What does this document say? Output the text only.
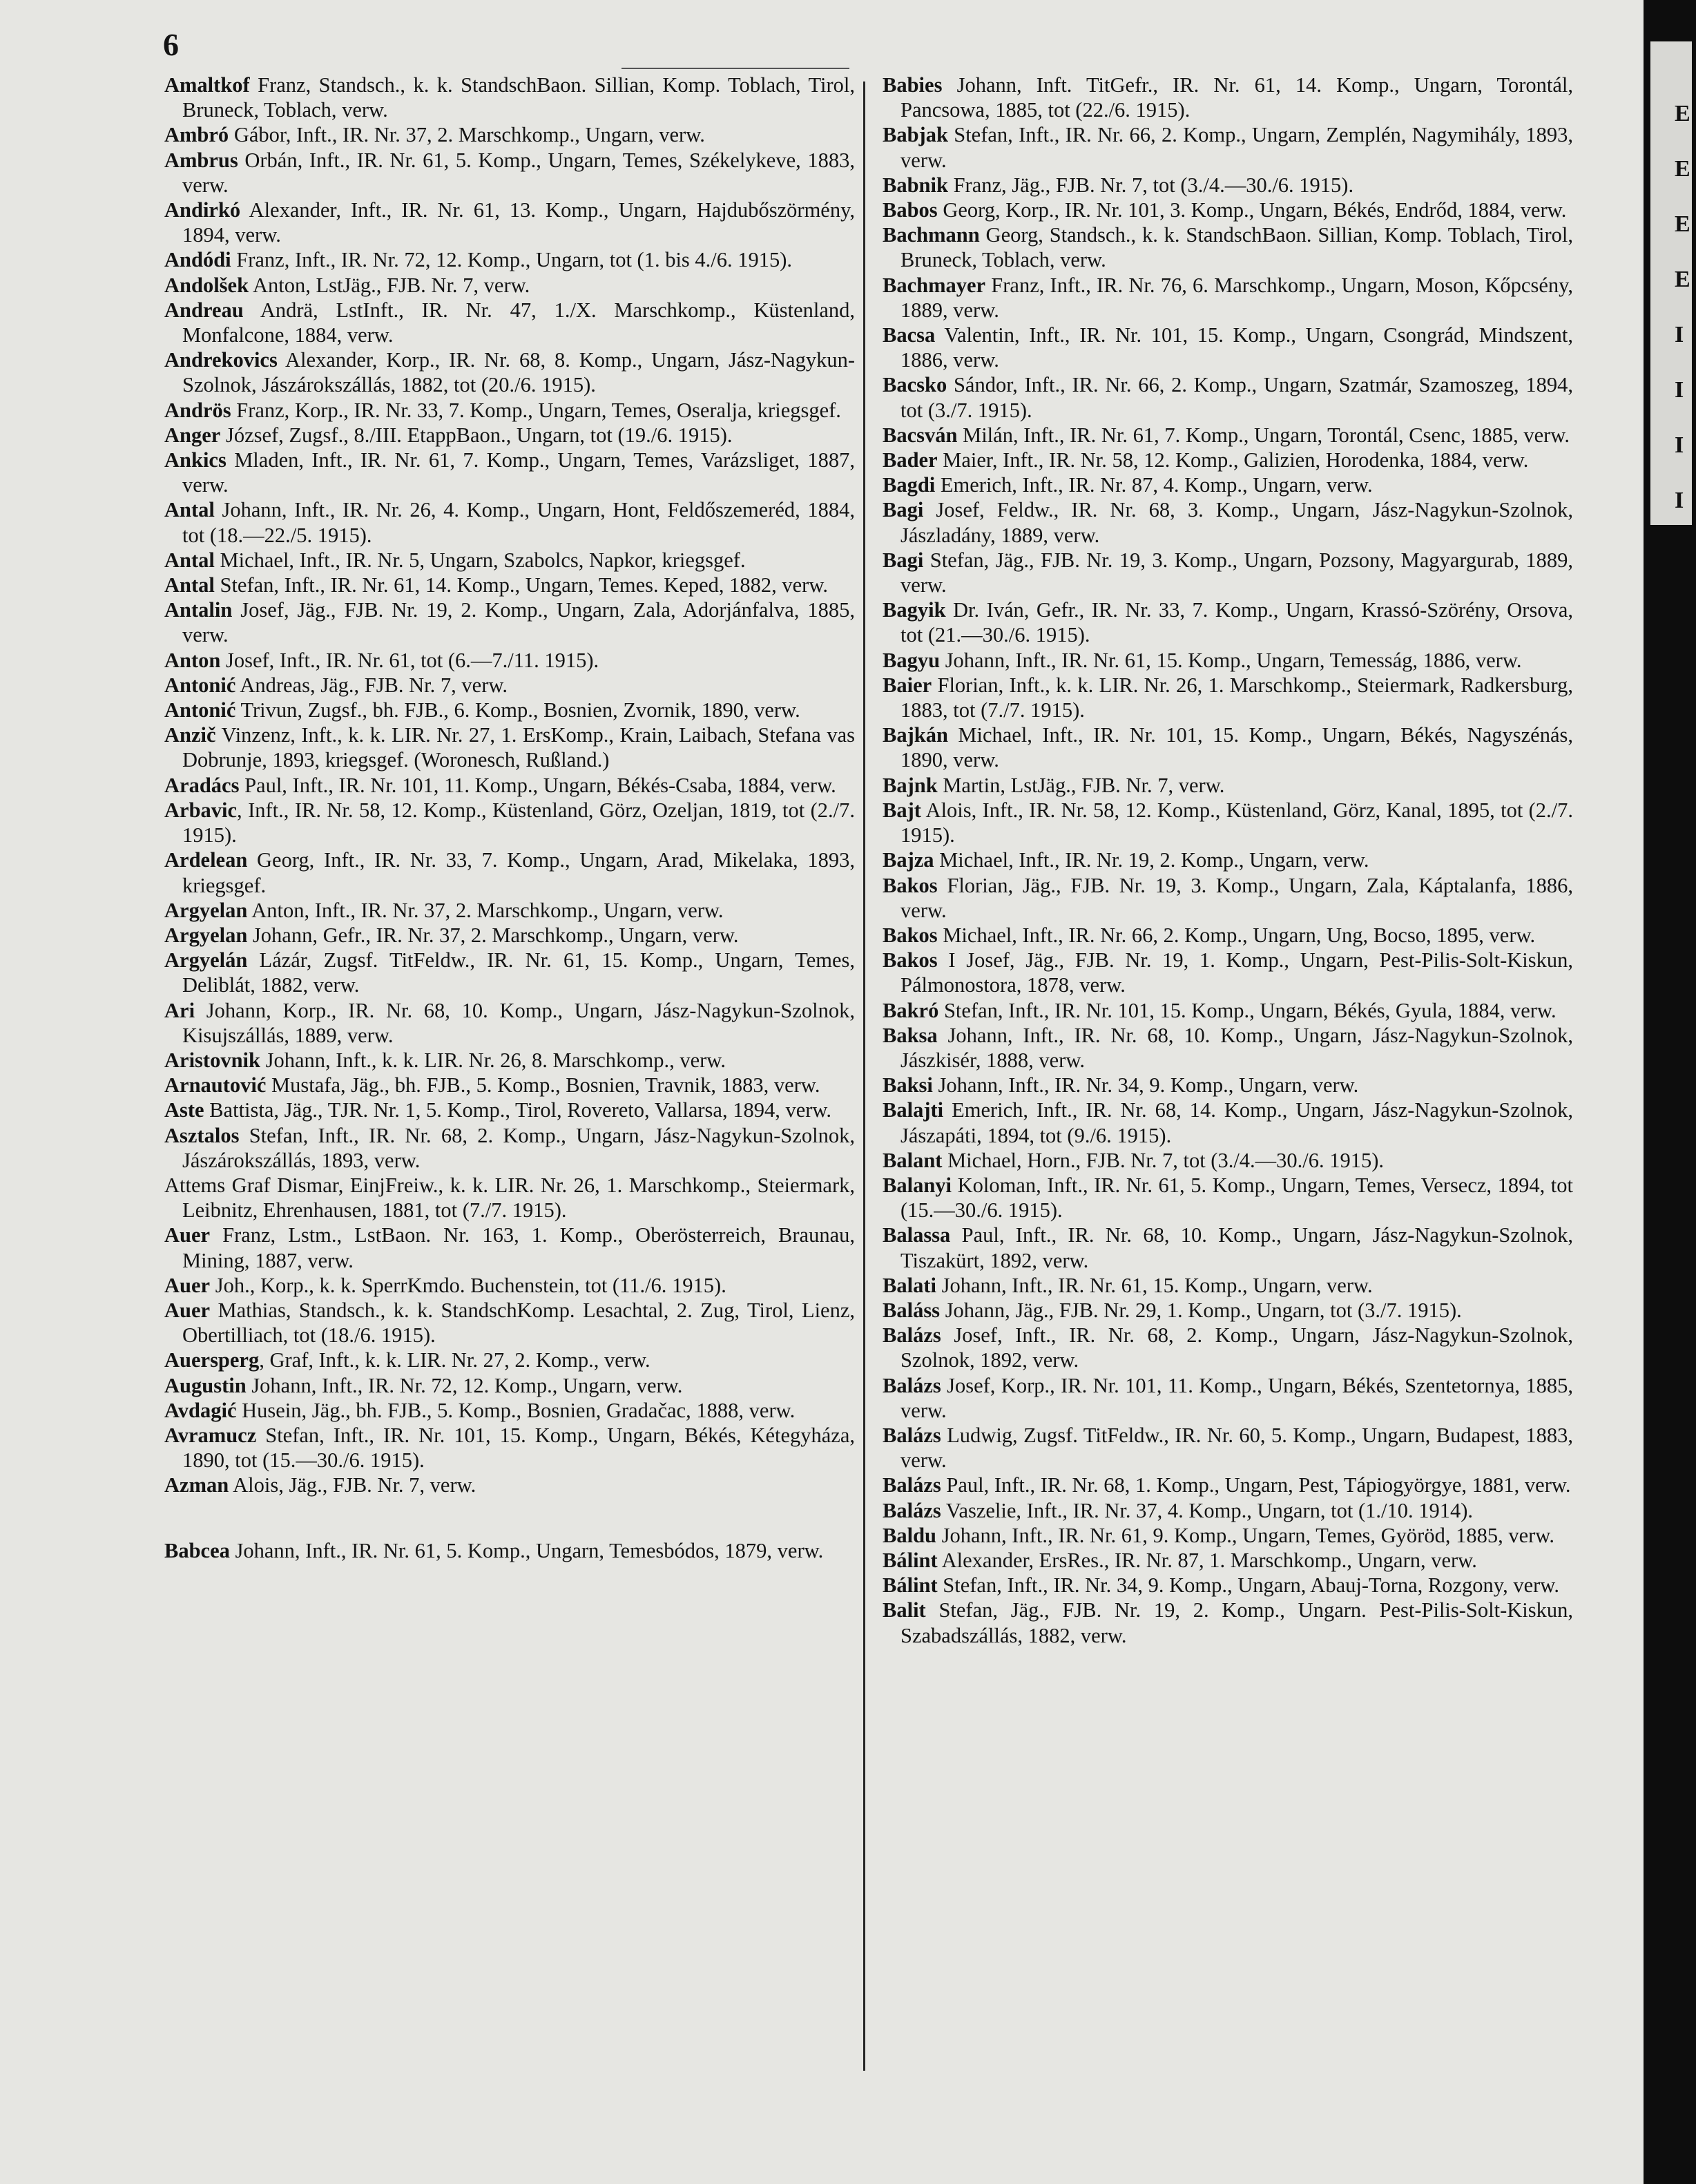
6

Amaltkof Franz, Standsch., k. k. StandschBaon. Sillian, Komp. Toblach, Tirol, Bruneck, Toblach, verw.

Ambró Gábor, Inft., IR. Nr. 37, 2. Marschkomp., Ungarn, verw.

Ambrus Orbán, Inft., IR. Nr. 61, 5. Komp., Ungarn, Temes, Székelykeve, 1883, verw.

Andirkó Alexander, Inft., IR. Nr. 61, 13. Komp., Ungarn, Hajdubőszörmény, 1894, verw.

Andódi Franz, Inft., IR. Nr. 72, 12. Komp., Ungarn, tot (1. bis 4./6. 1915).

Andolšek Anton, LstJäg., FJB. Nr. 7, verw.

Andreau Andrä, LstInft., IR. Nr. 47, 1./X. Marschkomp., Küstenland, Monfalcone, 1884, verw.

Andrekovics Alexander, Korp., IR. Nr. 68, 8. Komp., Ungarn, Jász-Nagykun-Szolnok, Jászárokszállás, 1882, tot (20./6. 1915).

Andrös Franz, Korp., IR. Nr. 33, 7. Komp., Ungarn, Temes, Oseralja, kriegsgef.

Anger József, Zugsf., 8./III. EtappBaon., Ungarn, tot (19./6. 1915).

Ankics Mladen, Inft., IR. Nr. 61, 7. Komp., Ungarn, Temes, Varázsliget, 1887, verw.

Antal Johann, Inft., IR. Nr. 26, 4. Komp., Ungarn, Hont, Feldőszemeréd, 1884, tot (18.—22./5. 1915).

Antal Michael, Inft., IR. Nr. 5, Ungarn, Szabolcs, Napkor, kriegsgef.

Antal Stefan, Inft., IR. Nr. 61, 14. Komp., Ungarn, Temes. Keped, 1882, verw.

Antalin Josef, Jäg., FJB. Nr. 19, 2. Komp., Ungarn, Zala, Adorjánfalva, 1885, verw.

Anton Josef, Inft., IR. Nr. 61, tot (6.—7./11. 1915).

Antonić Andreas, Jäg., FJB. Nr. 7, verw.

Antonić Trivun, Zugsf., bh. FJB., 6. Komp., Bosnien, Zvornik, 1890, verw.

Anzič Vinzenz, Inft., k. k. LIR. Nr. 27, 1. ErsKomp., Krain, Laibach, Stefana vas Dobrunje, 1893, kriegsgef. (Woronesch, Rußland.)

Aradács Paul, Inft., IR. Nr. 101, 11. Komp., Ungarn, Békés-Csaba, 1884, verw.

Arbavic, Inft., IR. Nr. 58, 12. Komp., Küstenland, Görz, Ozeljan, 1819, tot (2./7. 1915).

Ardelean Georg, Inft., IR. Nr. 33, 7. Komp., Ungarn, Arad, Mikelaka, 1893, kriegsgef.

Argyelan Anton, Inft., IR. Nr. 37, 2. Marschkomp., Ungarn, verw.

Argyelan Johann, Gefr., IR. Nr. 37, 2. Marschkomp., Ungarn, verw.

Argyelán Lázár, Zugsf. TitFeldw., IR. Nr. 61, 15. Komp., Ungarn, Temes, Deliblát, 1882, verw.

Ari Johann, Korp., IR. Nr. 68, 10. Komp., Ungarn, Jász-Nagykun-Szolnok, Kisujszállás, 1889, verw.

Aristovnik Johann, Inft., k. k. LIR. Nr. 26, 8. Marschkomp., verw.

Arnautović Mustafa, Jäg., bh. FJB., 5. Komp., Bosnien, Travnik, 1883, verw.

Aste Battista, Jäg., TJR. Nr. 1, 5. Komp., Tirol, Rovereto, Vallarsa, 1894, verw.

Asztalos Stefan, Inft., IR. Nr. 68, 2. Komp., Ungarn, Jász-Nagykun-Szolnok, Jászárokszállás, 1893, verw.

Attems Graf Dismar, EinjFreiw., k. k. LIR. Nr. 26, 1. Marschkomp., Steiermark, Leibnitz, Ehrenhausen, 1881, tot (7./7. 1915).

Auer Franz, Lstm., LstBaon. Nr. 163, 1. Komp., Oberösterreich, Braunau, Mining, 1887, verw.

Auer Joh., Korp., k. k. SperrKmdo. Buchenstein, tot (11./6. 1915).

Auer Mathias, Standsch., k. k. StandschKomp. Lesachtal, 2. Zug, Tirol, Lienz, Obertilliach, tot (18./6. 1915).

Auersperg, Graf, Inft., k. k. LIR. Nr. 27, 2. Komp., verw.

Augustin Johann, Inft., IR. Nr. 72, 12. Komp., Ungarn, verw.

Avdagić Husein, Jäg., bh. FJB., 5. Komp., Bosnien, Gradačac, 1888, verw.

Avramucz Stefan, Inft., IR. Nr. 101, 15. Komp., Ungarn, Békés, Kétegyháza, 1890, tot (15.—30./6. 1915).

Azman Alois, Jäg., FJB. Nr. 7, verw.

Babcea Johann, Inft., IR. Nr. 61, 5. Komp., Ungarn, Temesbódos, 1879, verw.

Babies Johann, Inft. TitGefr., IR. Nr. 61, 14. Komp., Ungarn, Torontál, Pancsowa, 1885, tot (22./6. 1915).

Babjak Stefan, Inft., IR. Nr. 66, 2. Komp., Ungarn, Zemplén, Nagymihály, 1893, verw.

Babnik Franz, Jäg., FJB. Nr. 7, tot (3./4.—30./6. 1915).

Babos Georg, Korp., IR. Nr. 101, 3. Komp., Ungarn, Békés, Endrőd, 1884, verw.

Bachmann Georg, Standsch., k. k. StandschBaon. Sillian, Komp. Toblach, Tirol, Bruneck, Toblach, verw.

Bachmayer Franz, Inft., IR. Nr. 76, 6. Marschkomp., Ungarn, Moson, Kőpcsény, 1889, verw.

Bacsa Valentin, Inft., IR. Nr. 101, 15. Komp., Ungarn, Csongrád, Mindszent, 1886, verw.

Bacsko Sándor, Inft., IR. Nr. 66, 2. Komp., Ungarn, Szatmár, Szamoszeg, 1894, tot (3./7. 1915).

Bacsván Milán, Inft., IR. Nr. 61, 7. Komp., Ungarn, Torontál, Csenc, 1885, verw.

Bader Maier, Inft., IR. Nr. 58, 12. Komp., Galizien, Horodenka, 1884, verw.

Bagdi Emerich, Inft., IR. Nr. 87, 4. Komp., Ungarn, verw.

Bagi Josef, Feldw., IR. Nr. 68, 3. Komp., Ungarn, Jász-Nagykun-Szolnok, Jászladány, 1889, verw.

Bagi Stefan, Jäg., FJB. Nr. 19, 3. Komp., Ungarn, Pozsony, Magyargurab, 1889, verw.

Bagyik Dr. Iván, Gefr., IR. Nr. 33, 7. Komp., Ungarn, Krassó-Szörény, Orsova, tot (21.—30./6. 1915).

Bagyu Johann, Inft., IR. Nr. 61, 15. Komp., Ungarn, Temesság, 1886, verw.

Baier Florian, Inft., k. k. LIR. Nr. 26, 1. Marschkomp., Steiermark, Radkersburg, 1883, tot (7./7. 1915).

Bajkán Michael, Inft., IR. Nr. 101, 15. Komp., Ungarn, Békés, Nagyszénás, 1890, verw.

Bajnk Martin, LstJäg., FJB. Nr. 7, verw.

Bajt Alois, Inft., IR. Nr. 58, 12. Komp., Küstenland, Görz, Kanal, 1895, tot (2./7. 1915).

Bajza Michael, Inft., IR. Nr. 19, 2. Komp., Ungarn, verw.

Bakos Florian, Jäg., FJB. Nr. 19, 3. Komp., Ungarn, Zala, Káptalanfa, 1886, verw.

Bakos Michael, Inft., IR. Nr. 66, 2. Komp., Ungarn, Ung, Bocso, 1895, verw.

Bakos I Josef, Jäg., FJB. Nr. 19, 1. Komp., Ungarn, Pest-Pilis-Solt-Kiskun, Pálmonostora, 1878, verw.

Bakró Stefan, Inft., IR. Nr. 101, 15. Komp., Ungarn, Békés, Gyula, 1884, verw.

Baksa Johann, Inft., IR. Nr. 68, 10. Komp., Ungarn, Jász-Nagykun-Szolnok, Jászkisér, 1888, verw.

Baksi Johann, Inft., IR. Nr. 34, 9. Komp., Ungarn, verw.

Balajti Emerich, Inft., IR. Nr. 68, 14. Komp., Ungarn, Jász-Nagykun-Szolnok, Jászapáti, 1894, tot (9./6. 1915).

Balant Michael, Horn., FJB. Nr. 7, tot (3./4.—30./6. 1915).

Balanyi Koloman, Inft., IR. Nr. 61, 5. Komp., Ungarn, Temes, Versecz, 1894, tot (15.—30./6. 1915).

Balassa Paul, Inft., IR. Nr. 68, 10. Komp., Ungarn, Jász-Nagykun-Szolnok, Tiszakürt, 1892, verw.

Balati Johann, Inft., IR. Nr. 61, 15. Komp., Ungarn, verw.

Baláss Johann, Jäg., FJB. Nr. 29, 1. Komp., Ungarn, tot (3./7. 1915).

Balázs Josef, Inft., IR. Nr. 68, 2. Komp., Ungarn, Jász-Nagykun-Szolnok, Szolnok, 1892, verw.

Balázs Josef, Korp., IR. Nr. 101, 11. Komp., Ungarn, Békés, Szentetornya, 1885, verw.

Balázs Ludwig, Zugsf. TitFeldw., IR. Nr. 60, 5. Komp., Ungarn, Budapest, 1883, verw.

Balázs Paul, Inft., IR. Nr. 68, 1. Komp., Ungarn, Pest, Tápiogyörgye, 1881, verw.

Balázs Vaszelie, Inft., IR. Nr. 37, 4. Komp., Ungarn, tot (1./10. 1914).

Baldu Johann, Inft., IR. Nr. 61, 9. Komp., Ungarn, Temes, Györöd, 1885, verw.

Bálint Alexander, ErsRes., IR. Nr. 87, 1. Marschkomp., Ungarn, verw.

Bálint Stefan, Inft., IR. Nr. 34, 9. Komp., Ungarn, Abauj-Torna, Rozgony, verw.

Balit Stefan, Jäg., FJB. Nr. 19, 2. Komp., Ungarn. Pest-Pilis-Solt-Kiskun, Szabadszállás, 1882, verw.

E
E
E
E
I
I
I
I
